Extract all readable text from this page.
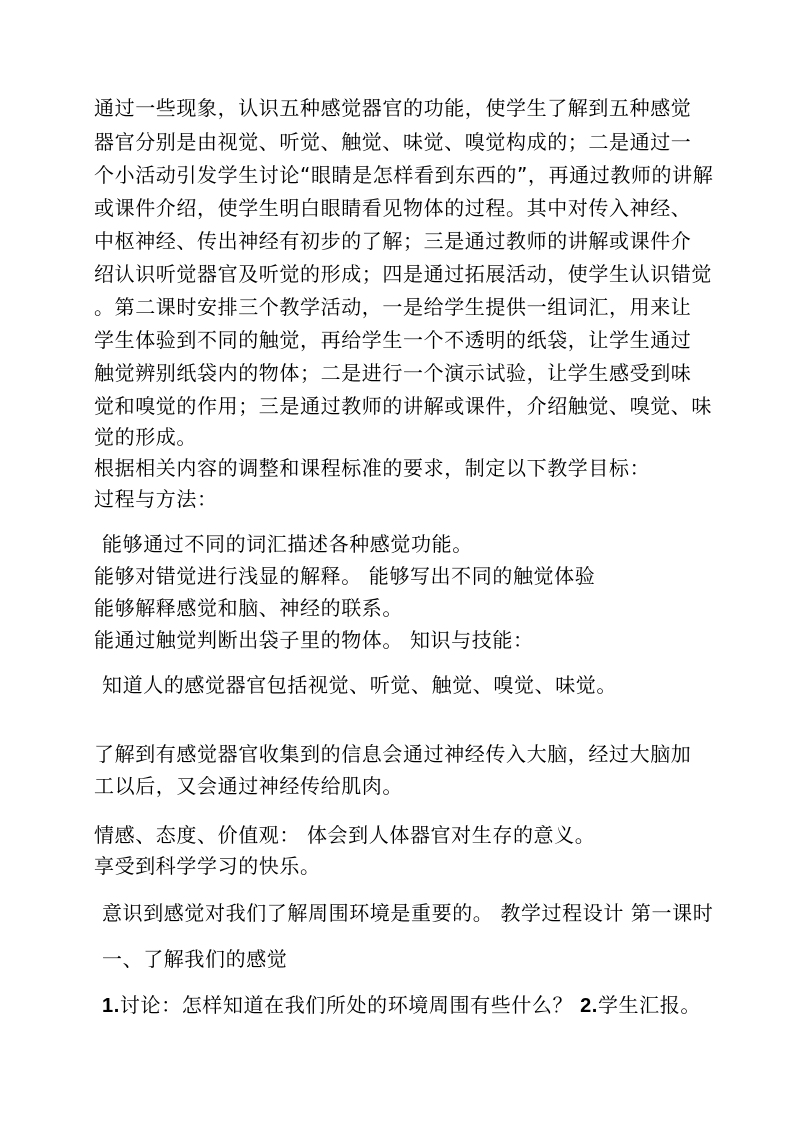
通过一些现象，认识五种感觉器官的功能，使学生了解到五种感觉
器官分别是由视觉、听觉、触觉、味觉、嗅觉构成的；二是通过一
个小活动引发学生讨论“眼睛是怎样看到东西的”，再通过教师的讲解
或课件介绍，使学生明白眼睛看见物体的过程。其中对传入神经、
中枢神经、传出神经有初步的了解；三是通过教师的讲解或课件介
绍认识听觉器官及听觉的形成；四是通过拓展活动，使学生认识错觉
。第二课时安排三个教学活动，一是给学生提供一组词汇，用来让
学生体验到不同的触觉，再给学生一个不透明的纸袋，让学生通过
触觉辨别纸袋内的物体；二是进行一个演示试验，让学生感受到味
觉和嗅觉的作用；三是通过教师的讲解或课件，介绍触觉、嗅觉、味
觉的形成。
根据相关内容的调整和课程标准的要求，制定以下教学目标：
过程与方法：
能够通过不同的词汇描述各种感觉功能。
能够对错觉进行浅显的解释。 能够写出不同的触觉体验
能够解释感觉和脑、神经的联系。
能通过触觉判断出袋子里的物体。 知识与技能：
知道人的感觉器官包括视觉、听觉、触觉、嗅觉、味觉。
了解到有感觉器官收集到的信息会通过神经传入大脑，经过大脑加
工以后，又会通过神经传给肌肉。
情感、态度、价值观： 体会到人体器官对生存的意义。
享受到科学学习的快乐。
意识到感觉对我们了解周围环境是重要的。 教学过程设计 第一课时
一、了解我们的感觉
1.讨论：怎样知道在我们所处的环境周围有些什么？ 2.学生汇报。
